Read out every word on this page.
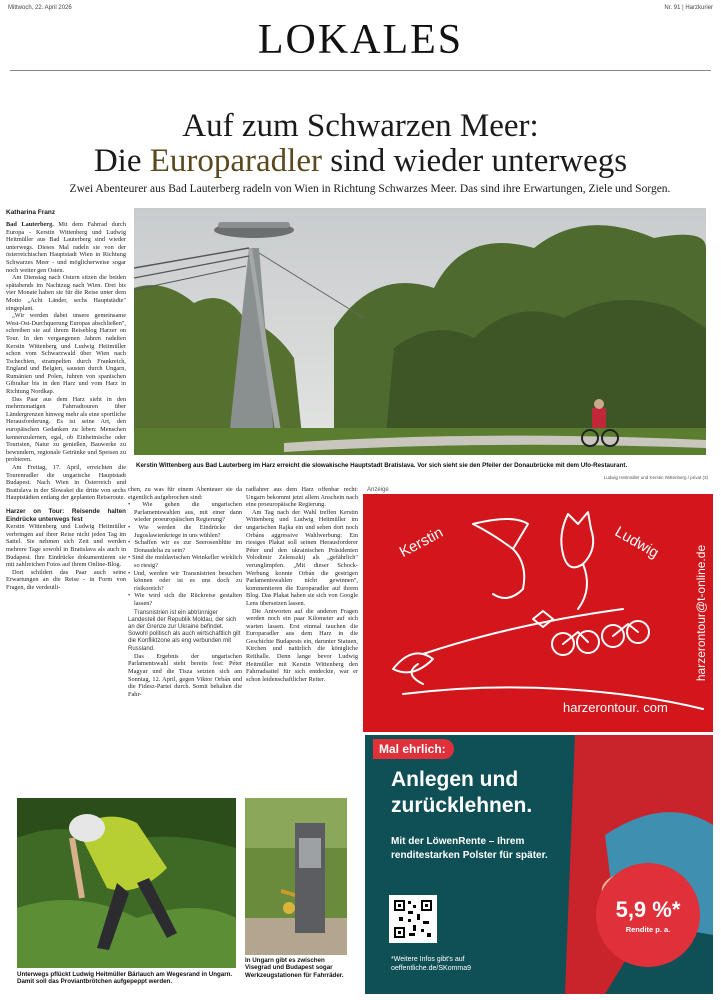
Mittwoch, 22. April 2026	Nr. 91 | Harzkurier
LOKALES
Auf zum Schwarzen Meer:
Die Europaradler sind wieder unterwegs
Zwei Abenteurer aus Bad Lauterberg radeln von Wien in Richtung Schwarzes Meer. Das sind ihre Erwartungen, Ziele und Sorgen.
Katharina Franz

Bad Lauterberg. Mit dem Fahrrad durch Europa - Kerstin Wittenberg und Ludwig Heitmüller aus Bad Lauterberg sind wieder unterwegs. Dieses Mal radeln sie von der österreichischen Hauptstadt Wien in Richtung Schwarzes Meer - und möglicherweise sogar noch weiter gen Osten.

Am Dienstag nach Ostern sitzen die beiden spätabends im Nachtzug nach Wien. Drei bis vier Monate haben sie für die Reise unter dem Motto „Acht Länder, sechs Hauptstädte" eingeplant.

„Wir werden dabei unsere gemeinsame West-Ost-Durchquerung Europas abschließen", schreiben sie auf ihrem Reiseblog Harzer on Tour. In den vergangenen Jahren radelten Kerstin Wittenberg und Ludwig Heitmüller schon vom Schwarzwald über Wien nach Tschechien, strampelten durch Frankreich, England und Belgien, sausten durch Ungarn, Rumänien und Polen, fuhren von spanischen Gibraltar bis in den Harz und vom Harz in Richtung Nordkap.

Das Paar aus dem Harz sieht in den mehrmonatigen Fahrradtouren über Ländergrenzen hinweg mehr als eine sportliche Herausforderung. Es ist seine Art, den europäischen Gedanken zu leben: Menschen kennenzulernen, egal, ob Einheimische oder Touristen, Natur zu genießen, Bauwerke zu bewundern, regionale Getränke und Speisen zu probieren.

Am Freitag, 17. April, erreichten die Tourenradler die ungarische Hauptstadt Budapest. Nach Wien in Österreich und Bratislava in der Slowakei die dritte von sechs Hauptstädten entlang der geplanten Reiseroute.

Harzer on Tour: Reisende halten Eindrücke unterwegs fest

Kerstin Wittenberg und Ludwig Heitmüller verbringen auf ihrer Reise nicht jeden Tag im Sattel. Sie nehmen sich Zeit und werden mehrere Tage sowohl in Bratislava als auch in Budapest. Ihre Eindrücke dokumentieren sie mit zahlreichen Fotos auf ihrem Online-Blog.

Dort schildert das Paar auch seine Erwartungen an die Reise - in Form von Fragen, die verdeutli-

Kerstin Wittenberg aus Bad Lauterberg im Harz erreicht die slowakische Hauptstadt Bratislava. Vor sich sieht sie den Pfeiler der Donaubrücke mit dem Ufo-Restaurant.
Ludwig Heitmüller und Kerstin Wittenberg / privat (3)

chen, zu was für einem Abenteuer sie da eigentlich aufgebrochen sind:

• Wie gehen die ungarischen Parlamentswahlen aus, mit einer dann wieder proeuropäischen Regierung?
• Wie werden die Eindrücke der Jugoslawienkriege in uns wühlen?
• Schaffen wir es zur Seerosenblüte im Donaudelta zu sein?
• Sind die moldavischen Weinkeller wirklich so riesig?
• Und, werden wir Transnistrien besuchen können oder ist es uns doch zu risikoreich?
• Wie wird sich die Rückreise gestalten lassen?

Transnistrien ist ein abtrünniger Landesteil der Republik Moldau, der sich an der Grenze zur Ukraine befindet. Sowohl politisch als auch wirtschaftlich gilt die Konfliktzone als eng verbunden mit Russland.

Das Ergebnis der ungarischen Parlamentswahl steht bereits fest: Péter Magyar und die Tisza setzten sich am Sonntag, 12. April, gegen Viktor Orbán und die Fidesz-Partei durch. Somit behalten die Fahr-

radfahrer aus dem Harz offenbar recht: Ungarn bekommt jetzt allem Anschein nach eine proeuropäische Regierung.

Am Tag nach der Wahl treffen Kerstin Wittenberg und Ludwig Heitmüller im ungarischen Rajka ein und sehen dort noch Orbáns aggressive Wahlwerbung: Ein riesiges Plakat soll seinen Herausforderer Péter und den ukrainischen Präsidenten Volodimir Zelenszkij als „gefährlich" verunglimpfen. „Mit dieser Schock-Werbung konnte Orbán die gestrigen Parlamentswahlen nicht gewinnen", kommentieren die Europaradler auf ihrem Blog. Das Plakat haben sie sich von Google Lens übersetzen lassen.

Die Antworten auf die anderen Fragen werden noch ein paar Kilometer auf sich warten lassen. Erst einmal tauchen die Europaradler aus dem Harz in die Geschichte Budapests ein, darunter Statuen, Kirchen und natürlich die königliche Reithalle. Denn lange bevor Ludwig Heitmüller mit Kerstin Wittenberg den Fahrradsattel für sich entdeckte, war er schon leidenschaftlicher Reiter.

Anzeige
Kerstin	Ludwig
harzerontour@t-online.de
harzerontour. com
Mal ehrlich:
Anlegen und
zurücklehnen.
Mit der LöwenRente – Ihrem
renditestarken Polster für später.
5,9 %*
Rendite p. a.
*Weitere Infos gibt's auf
oeffentliche.de/SKomma9
Unterwegs pflückt Ludwig Heitmüller Bärlauch am Wegesrand in Ungarn. Damit soll das Proviantbrötchen aufgepeppt werden.
In Ungarn gibt es zwischen Visegrad und Budapest sogar Werkzeugstationen für Fahrräder.
